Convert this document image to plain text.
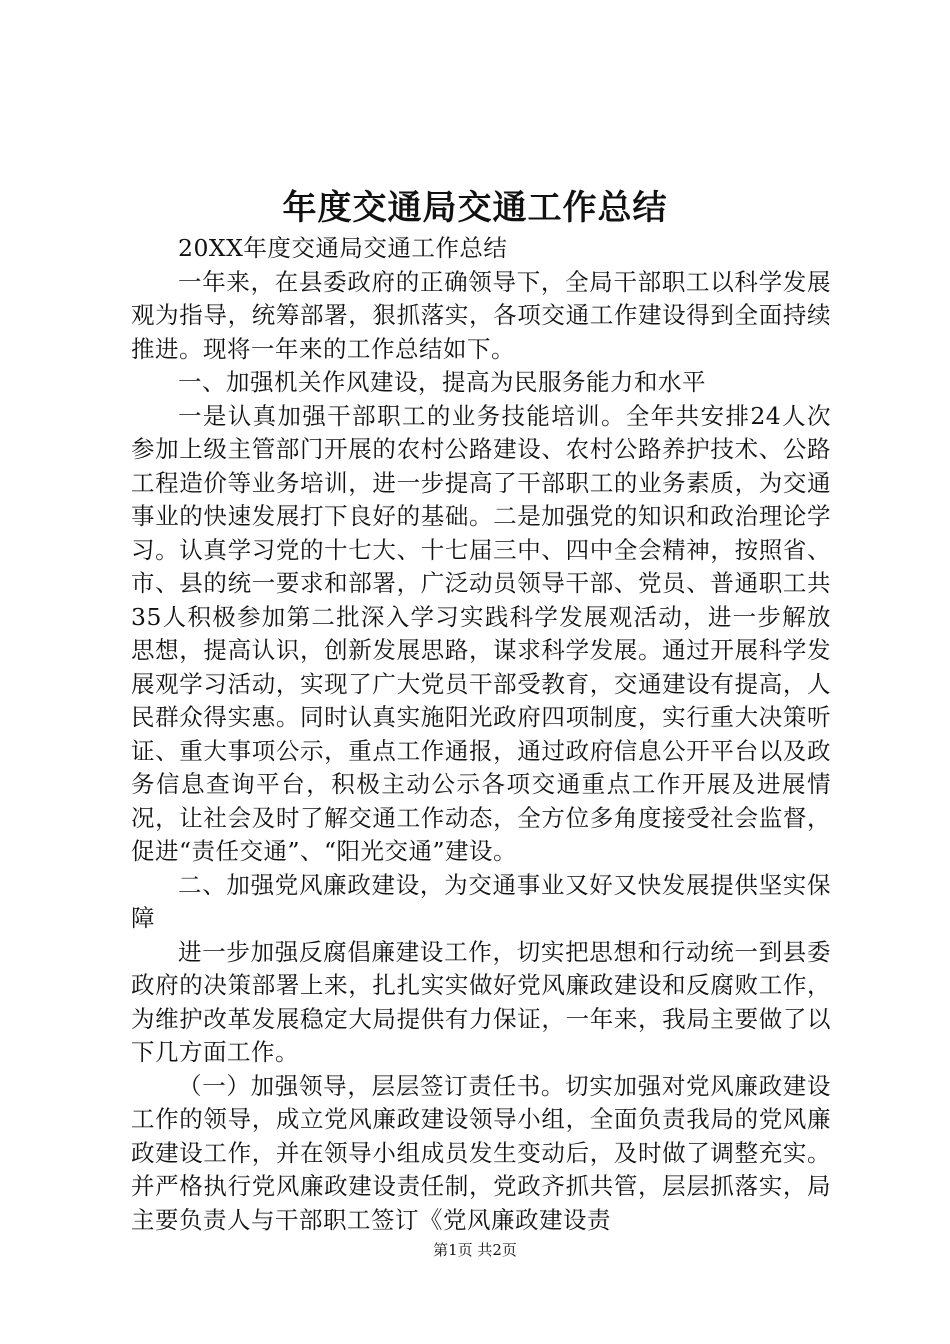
年度交通局交通工作总结

20XX年度交通局交通工作总结

一年来，在县委政府的正确领导下，全局干部职工以科学发展观为指导，统筹部署，狠抓落实，各项交通工作建设得到全面持续推进。现将一年来的工作总结如下。

一、加强机关作风建设，提高为民服务能力和水平

一是认真加强干部职工的业务技能培训。全年共安排24人次参加上级主管部门开展的农村公路建设、农村公路养护技术、公路工程造价等业务培训，进一步提高了干部职工的业务素质，为交通事业的快速发展打下良好的基础。二是加强党的知识和政治理论学习。认真学习党的十七大、十七届三中、四中全会精神，按照省、市、县的统一要求和部署，广泛动员领导干部、党员、普通职工共35人积极参加第二批深入学习实践科学发展观活动，进一步解放思想，提高认识，创新发展思路，谋求科学发展。通过开展科学发展观学习活动，实现了广大党员干部受教育，交通建设有提高，人民群众得实惠。同时认真实施阳光政府四项制度，实行重大决策听证、重大事项公示，重点工作通报，通过政府信息公开平台以及政务信息查询平台，积极主动公示各项交通重点工作开展及进展情况，让社会及时了解交通工作动态，全方位多角度接受社会监督，促进“责任交通”、“阳光交通”建设。

二、加强党风廉政建设，为交通事业又好又快发展提供坚实保障

进一步加强反腐倡廉建设工作，切实把思想和行动统一到县委政府的决策部署上来，扎扎实实做好党风廉政建设和反腐败工作，为维护改革发展稳定大局提供有力保证，一年来，我局主要做了以下几方面工作。

（一）加强领导，层层签订责任书。切实加强对党风廉政建设工作的领导，成立党风廉政建设领导小组，全面负责我局的党风廉政建设工作，并在领导小组成员发生变动后，及时做了调整充实。并严格执行党风廉政建设责任制，党政齐抓共管，层层抓落实，局主要负责人与干部职工签订《党风廉政建设责

第1页 共2页
